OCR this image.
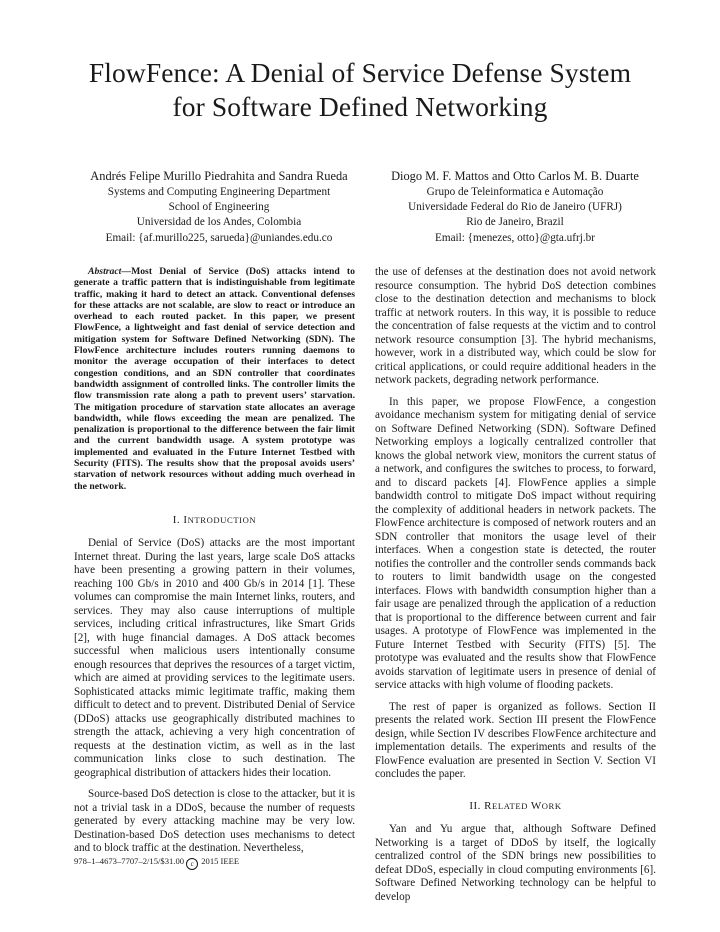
FlowFence: A Denial of Service Defense System
for Software Defined Networking
Andrés Felipe Murillo Piedrahita and Sandra Rueda
Systems and Computing Engineering Department
School of Engineering
Universidad de los Andes, Colombia
Email: {af.murillo225, sarueda}@uniandes.edu.co
Diogo M. F. Mattos and Otto Carlos M. B. Duarte
Grupo de Teleinformatica e Automação
Universidade Federal do Rio de Janeiro (UFRJ)
Rio de Janeiro, Brazil
Email: {menezes, otto}@gta.ufrj.br

Abstract—Most Denial of Service (DoS) attacks intend to generate a traffic pattern that is indistinguishable from legitimate traffic, making it hard to detect an attack. Conventional defenses for these attacks are not scalable, are slow to react or introduce an overhead to each routed packet. In this paper, we present FlowFence, a lightweight and fast denial of service detection and mitigation system for Software Defined Networking (SDN). The FlowFence architecture includes routers running daemons to monitor the average occupation of their interfaces to detect congestion conditions, and an SDN controller that coordinates bandwidth assignment of controlled links. The controller limits the flow transmission rate along a path to prevent users’ starvation. The mitigation procedure of starvation state allocates an average bandwidth, while flows exceeding the mean are penalized. The penalization is proportional to the difference between the fair limit and the current bandwidth usage. A system prototype was implemented and evaluated in the Future Internet Testbed with Security (FITS). The results show that the proposal avoids users’ starvation of network resources without adding much overhead in the network.

I. INTRODUCTION

Denial of Service (DoS) attacks are the most important Internet threat. During the last years, large scale DoS attacks have been presenting a growing pattern in their volumes, reaching 100 Gb/s in 2010 and 400 Gb/s in 2014 [1]. These volumes can compromise the main Internet links, routers, and services. They may also cause interruptions of multiple services, including critical infrastructures, like Smart Grids [2], with huge financial damages. A DoS attack becomes successful when malicious users intentionally consume enough resources that deprives the resources of a target victim, which are aimed at providing services to the legitimate users. Sophisticated attacks mimic legitimate traffic, making them difficult to detect and to prevent. Distributed Denial of Service (DDoS) attacks use geographically distributed machines to strength the attack, achieving a very high concentration of requests at the destination victim, as well as in the last communication links close to such destination. The geographical distribution of attackers hides their location.

Source-based DoS detection is close to the attacker, but it is not a trivial task in a DDoS, because the number of requests generated by every attacking machine may be very low. Destination-based DoS detection uses mechanisms to detect and to block traffic at the destination. Nevertheless,

the use of defenses at the destination does not avoid network resource consumption. The hybrid DoS detection combines close to the destination detection and mechanisms to block traffic at network routers. In this way, it is possible to reduce the concentration of false requests at the victim and to control network resource consumption [3]. The hybrid mechanisms, however, work in a distributed way, which could be slow for critical applications, or could require additional headers in the network packets, degrading network performance.

In this paper, we propose FlowFence, a congestion avoidance mechanism system for mitigating denial of service on Software Defined Networking (SDN). Software Defined Networking employs a logically centralized controller that knows the global network view, monitors the current status of a network, and configures the switches to process, to forward, and to discard packets [4]. FlowFence applies a simple bandwidth control to mitigate DoS impact without requiring the complexity of additional headers in network packets. The FlowFence architecture is composed of network routers and an SDN controller that monitors the usage level of their interfaces. When a congestion state is detected, the router notifies the controller and the controller sends commands back to routers to limit bandwidth usage on the congested interfaces. Flows with bandwidth consumption higher than a fair usage are penalized through the application of a reduction that is proportional to the difference between current and fair usages. A prototype of FlowFence was implemented in the Future Internet Testbed with Security (FITS) [5]. The prototype was evaluated and the results show that FlowFence avoids starvation of legitimate users in presence of denial of service attacks with high volume of flooding packets.

The rest of paper is organized as follows. Section II presents the related work. Section III present the FlowFence design, while Section IV describes FlowFence architecture and implementation details. The experiments and results of the FlowFence evaluation are presented in Section V. Section VI concludes the paper.

II. RELATED WORK

Yan and Yu argue that, although Software Defined Networking is a target of DDoS by itself, the logically centralized control of the SDN brings new possibilities to defeat DDoS, especially in cloud computing environments [6]. Software Defined Networking technology can be helpful to develop

978–1–4673–7707–2/15/$31.00 c 2015 IEEE
